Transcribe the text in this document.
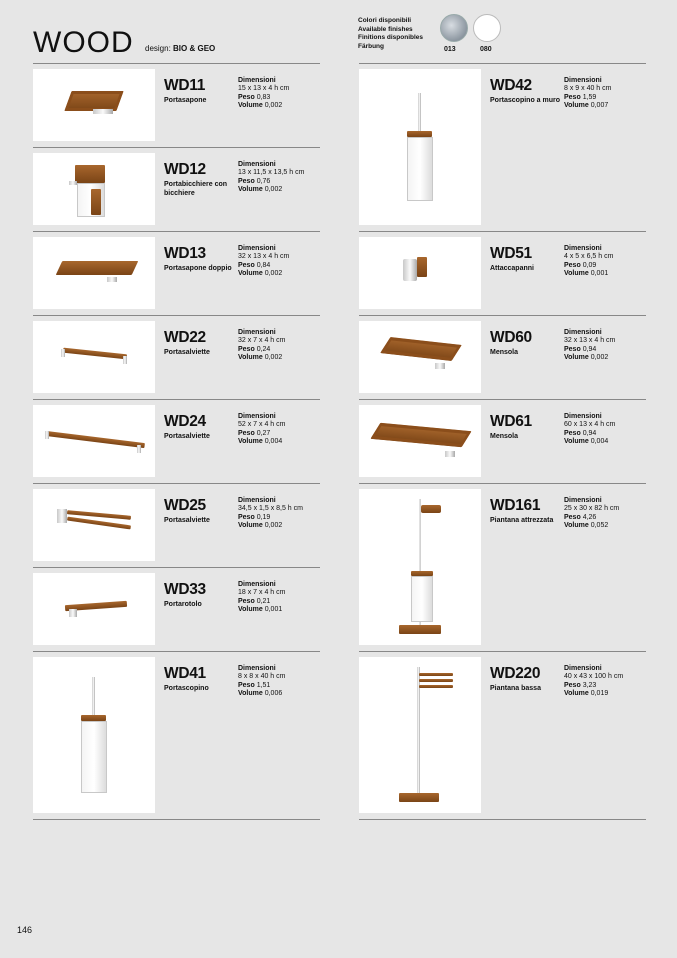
WOOD design: BIO & GEO
Colori disponibili
Available finishes
Finitions disponibles
Färbung	013	080
WD11
Portasapone
Dimensioni
15 x 13 x 4 h cm
Peso 0,83
Volume 0,002
WD12
Portabicchiere con bicchiere
Dimensioni
13 x 11,5 x 13,5 h cm
Peso 0,76
Volume 0,002
WD13
Portasapone doppio
Dimensioni
32 x 13 x 4 h cm
Peso 0,84
Volume 0,002
WD22
Portasalviette
Dimensioni
32 x 7 x 4 h cm
Peso 0,24
Volume 0,002
WD24
Portasalviette
Dimensioni
52 x 7 x 4 h cm
Peso 0,27
Volume 0,004
WD25
Portasalviette
Dimensioni
34,5 x 1,5 x 8,5 h cm
Peso 0,19
Volume 0,002
WD33
Portarotolo
Dimensioni
18 x 7 x 4 h cm
Peso 0,21
Volume 0,001
WD41
Portascopino
Dimensioni
8 x 8 x 40 h cm
Peso 1,51
Volume 0,006
WD42
Portascopino a muro
Dimensioni
8 x 9 x 40 h cm
Peso 1,59
Volume 0,007
WD51
Attaccapanni
Dimensioni
4 x 5 x 6,5 h cm
Peso 0,09
Volume 0,001
WD60
Mensola
Dimensioni
32 x 13 x 4 h cm
Peso 0,94
Volume 0,002
WD61
Mensola
Dimensioni
60 x 13 x 4 h cm
Peso 0,94
Volume 0,004
WD161
Piantana attrezzata
Dimensioni
25 x 30 x 82 h cm
Peso 4,26
Volume 0,052
WD220
Piantana bassa
Dimensioni
40 x 43 x 100 h cm
Peso 3,23
Volume 0,019
146
